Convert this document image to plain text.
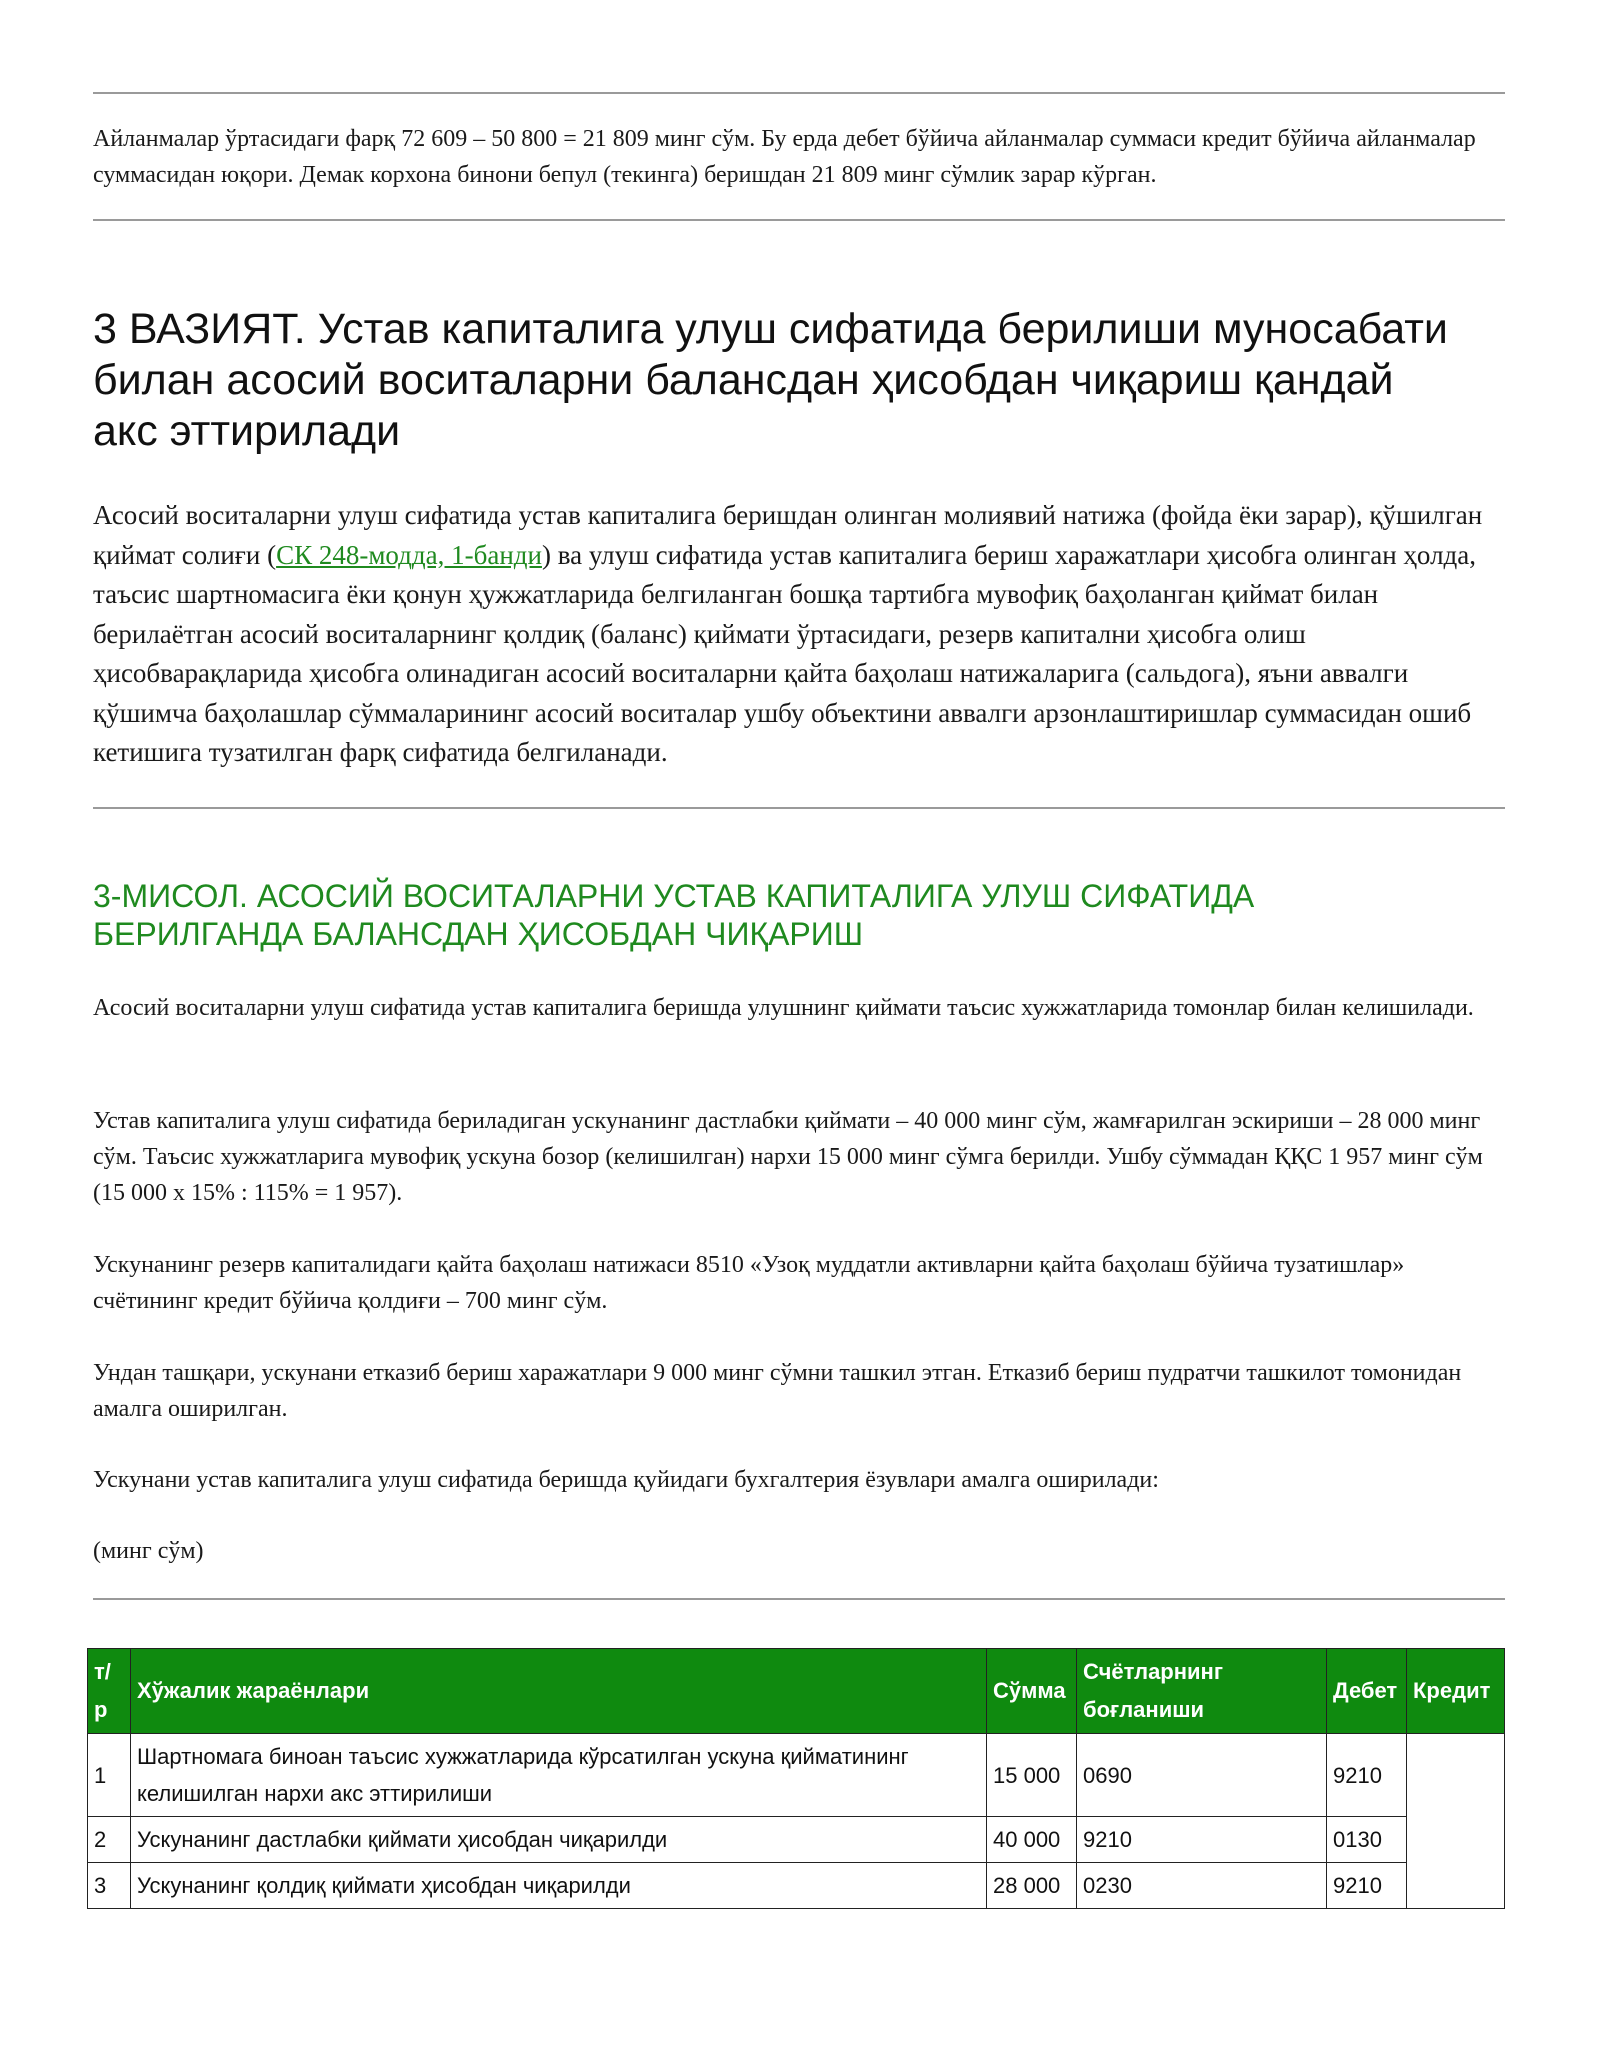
Айланмалар ўртасидаги фарқ 72 609 – 50 800 = 21 809 минг сўм. Бу ерда дебет бўйича айланмалар суммаси кредит бўйича айланмалар суммасидан юқори. Демак корхона бинони бепул (текинга) беришдан 21 809 минг сўмлик зарар кўрган.

3 ВАЗИЯТ. Устав капиталига улуш сифатида берилиши муносабати билан асосий воситаларни балансдан ҳисобдан чиқариш қандай акс эттирилади

Асосий воситаларни улуш сифатида устав капиталига беришдан олинган молиявий натижа (фойда ёки зарар), қўшилган қиймат солиғи (СК 248-модда, 1-банди) ва улуш сифатида устав капиталига бериш харажатлари ҳисобга олинган ҳолда, таъсис шартномасига ёки қонун ҳужжатларида белгиланган бошқа тартибга мувофиқ баҳоланган қиймат билан берилаётган асосий воситаларнинг қолдиқ (баланс) қиймати ўртасидаги, резерв капитални ҳисобга олиш ҳисобварақларида ҳисобга олинадиган асосий воситаларни қайта баҳолаш натижаларига (сальдога), яъни аввалги қўшимча баҳолашлар сўммаларининг асосий воситалар ушбу объектини аввалги арзонлаштиришлар суммасидан ошиб кетишига тузатилган фарқ сифатида белгиланади.

3-МИСОЛ. АСОСИЙ ВОСИТАЛАРНИ УСТАВ КАПИТАЛИГА УЛУШ СИФАТИДА БЕРИЛГАНДА БАЛАНСДАН ҲИСОБДАН ЧИҚАРИШ

Асосий воситаларни улуш сифатида устав капиталига беришда улушнинг қиймати таъсис хужжатларида томонлар билан келишилади.

Устав капиталига улуш сифатида бериладиган ускунанинг дастлабки қиймати – 40 000 минг сўм, жамғарилган эскириши – 28 000 минг сўм. Таъсис хужжатларига мувофиқ ускуна бозор (келишилган) нархи 15 000 минг сўмга берилди. Ушбу сўммадан ҚҚС 1 957 минг сўм (15 000 х 15% : 115% = 1 957).

Ускунанинг резерв капиталидаги қайта баҳолаш натижаси 8510 «Узоқ муддатли активларни қайта баҳолаш бўйича тузатишлар» счётининг кредит бўйича қолдиғи – 700 минг сўм.

Ундан ташқари, ускунани етказиб бериш харажатлари 9 000 минг сўмни ташкил этган. Етказиб бериш пудратчи ташкилот томонидан амалга оширилган.

Ускунани устав капиталига улуш сифатида беришда қуйидаги бухгалтерия ёзувлари амалга оширилади:

(минг сўм)

т/р	Хўжалик жараёнлари	Сўмма	Счётларнинг боғланиши	Дебет	Кредит
1	Шартномага биноан таъсис хужжатларида кўрсатилган ускуна қийматининг келишилган нархи акс эттирилиши	15 000	0690	9210	
2	Ускунанинг дастлабки қиймати ҳисобдан чиқарилди	40 000	9210	0130	
3	Ускунанинг қолдиқ қиймати ҳисобдан чиқарилди	28 000	0230	9210	
